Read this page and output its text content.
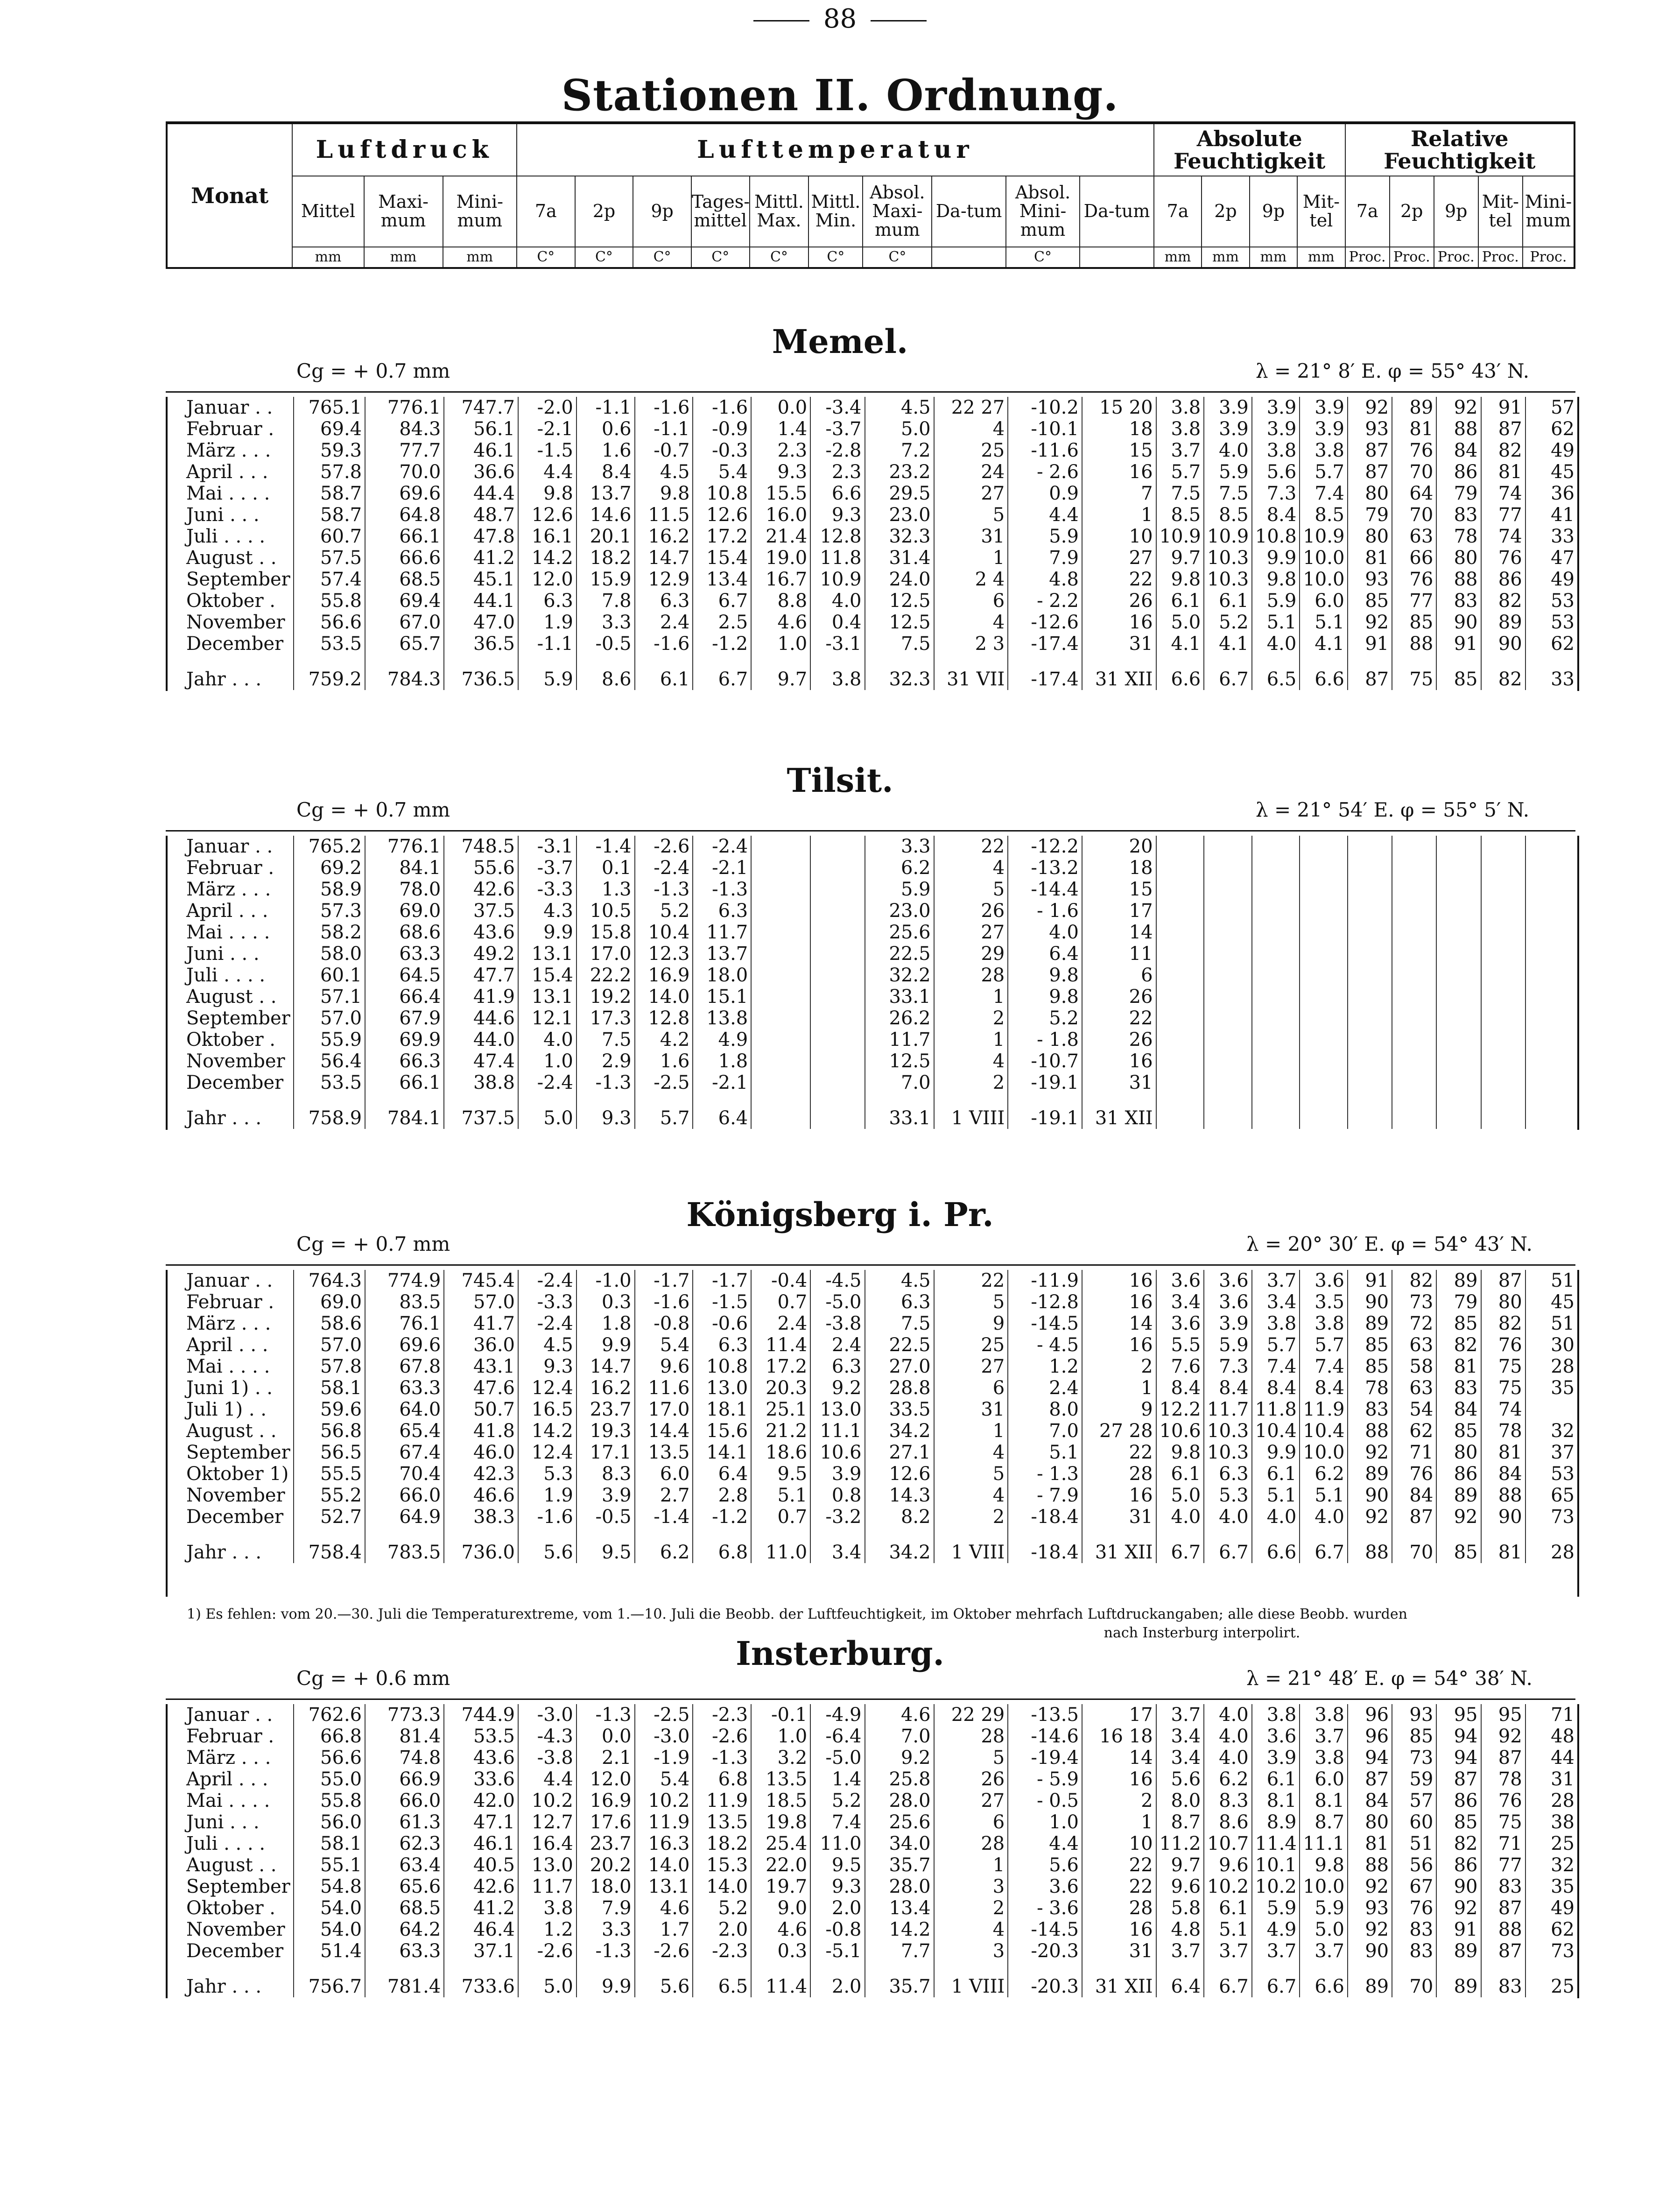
88
Stationen II. Ordnung.
Monat	Luftdruck			Lufttemperatur										Absolute Feuchtigkeit				Relative Feuchtigkeit				
	Mittel	Maxi-mum	Mini-mum	7a	2p	9p	Tages-mittel	Mittl. Max.	Mittl. Min.	Absol. Maxi-mum	Da-tum	Absol. Mini-mum	Da-tum	7a	2p	9p	Mit-tel	7a	2p	9p	Mit-tel	Mini-mum
	mm	mm	mm	C°	C°	C°	C°	C°	C°	C°		C°		mm	mm	mm	mm	Proc.	Proc.	Proc.	Proc.	Proc.
Memel.
Cg = + 0.7 mm	λ = 21° 8′ E. φ = 55° 43′ N.
Januar . .	765.1	776.1	747.7	-2.0	-1.1	-1.6	-1.6	0.0	-3.4	4.5	22 27	-10.2	15 20	3.8	3.9	3.9	3.9	92	89	92	91	57
Februar .	69.4	84.3	56.1	-2.1	0.6	-1.1	-0.9	1.4	-3.7	5.0	4	-10.1	18	3.8	3.9	3.9	3.9	93	81	88	87	62
März . . .	59.3	77.7	46.1	-1.5	1.6	-0.7	-0.3	2.3	-2.8	7.2	25	-11.6	15	3.7	4.0	3.8	3.8	87	76	84	82	49
April . . .	57.8	70.0	36.6	4.4	8.4	4.5	5.4	9.3	2.3	23.2	24	- 2.6	16	5.7	5.9	5.6	5.7	87	70	86	81	45
Mai . . . .	58.7	69.6	44.4	9.8	13.7	9.8	10.8	15.5	6.6	29.5	27	0.9	7	7.5	7.5	7.3	7.4	80	64	79	74	36
Juni . . .	58.7	64.8	48.7	12.6	14.6	11.5	12.6	16.0	9.3	23.0	5	4.4	1	8.5	8.5	8.4	8.5	79	70	83	77	41
Juli . . . .	60.7	66.1	47.8	16.1	20.1	16.2	17.2	21.4	12.8	32.3	31	5.9	10	10.9	10.9	10.8	10.9	80	63	78	74	33
August . .	57.5	66.6	41.2	14.2	18.2	14.7	15.4	19.0	11.8	31.4	1	7.9	27	9.7	10.3	9.9	10.0	81	66	80	76	47
September	57.4	68.5	45.1	12.0	15.9	12.9	13.4	16.7	10.9	24.0	2 4	4.8	22	9.8	10.3	9.8	10.0	93	76	88	86	49
Oktober .	55.8	69.4	44.1	6.3	7.8	6.3	6.7	8.8	4.0	12.5	6	- 2.2	26	6.1	6.1	5.9	6.0	85	77	83	82	53
November	56.6	67.0	47.0	1.9	3.3	2.4	2.5	4.6	0.4	12.5	4	-12.6	16	5.0	5.2	5.1	5.1	92	85	90	89	53
December	53.5	65.7	36.5	-1.1	-0.5	-1.6	-1.2	1.0	-3.1	7.5	2 3	-17.4	31	4.1	4.1	4.0	4.1	91	88	91	90	62
Jahr . . .	759.2	784.3	736.5	5.9	8.6	6.1	6.7	9.7	3.8	32.3	31 VII	-17.4	31 XII	6.6	6.7	6.5	6.6	87	75	85	82	33
Tilsit.
Cg = + 0.7 mm	λ = 21° 54′ E. φ = 55° 5′ N.
Januar . .	765.2	776.1	748.5	-3.1	-1.4	-2.6	-2.4			3.3	22	-12.2	20									
Februar .	69.2	84.1	55.6	-3.7	0.1	-2.4	-2.1			6.2	4	-13.2	18									
März . . .	58.9	78.0	42.6	-3.3	1.3	-1.3	-1.3			5.9	5	-14.4	15									
April . . .	57.3	69.0	37.5	4.3	10.5	5.2	6.3			23.0	26	- 1.6	17									
Mai . . . .	58.2	68.6	43.6	9.9	15.8	10.4	11.7			25.6	27	4.0	14									
Juni . . .	58.0	63.3	49.2	13.1	17.0	12.3	13.7			22.5	29	6.4	11									
Juli . . . .	60.1	64.5	47.7	15.4	22.2	16.9	18.0			32.2	28	9.8	6									
August . .	57.1	66.4	41.9	13.1	19.2	14.0	15.1			33.1	1	9.8	26									
September	57.0	67.9	44.6	12.1	17.3	12.8	13.8			26.2	2	5.2	22									
Oktober .	55.9	69.9	44.0	4.0	7.5	4.2	4.9			11.7	1	- 1.8	26									
November	56.4	66.3	47.4	1.0	2.9	1.6	1.8			12.5	4	-10.7	16									
December	53.5	66.1	38.8	-2.4	-1.3	-2.5	-2.1			7.0	2	-19.1	31									
Jahr . . .	758.9	784.1	737.5	5.0	9.3	5.7	6.4			33.1	1 VIII	-19.1	31 XII									
Königsberg i. Pr.
Cg = + 0.7 mm	λ = 20° 30′ E. φ = 54° 43′ N.
Januar . .	764.3	774.9	745.4	-2.4	-1.0	-1.7	-1.7	-0.4	-4.5	4.5	22	-11.9	16	3.6	3.6	3.7	3.6	91	82	89	87	51
Februar .	69.0	83.5	57.0	-3.3	0.3	-1.6	-1.5	0.7	-5.0	6.3	5	-12.8	16	3.4	3.6	3.4	3.5	90	73	79	80	45
März . . .	58.6	76.1	41.7	-2.4	1.8	-0.8	-0.6	2.4	-3.8	7.5	9	-14.5	14	3.6	3.9	3.8	3.8	89	72	85	82	51
April . . .	57.0	69.6	36.0	4.5	9.9	5.4	6.3	11.4	2.4	22.5	25	- 4.5	16	5.5	5.9	5.7	5.7	85	63	82	76	30
Mai . . . .	57.8	67.8	43.1	9.3	14.7	9.6	10.8	17.2	6.3	27.0	27	1.2	2	7.6	7.3	7.4	7.4	85	58	81	75	28
Juni 1) . .	58.1	63.3	47.6	12.4	16.2	11.6	13.0	20.3	9.2	28.8	6	2.4	1	8.4	8.4	8.4	8.4	78	63	83	75	35
Juli 1) . .	59.6	64.0	50.7	16.5	23.7	17.0	18.1	25.1	13.0	33.5	31	8.0	9	12.2	11.7	11.8	11.9	83	54	84	74	
August . .	56.8	65.4	41.8	14.2	19.3	14.4	15.6	21.2	11.1	34.2	1	7.0	27 28	10.6	10.3	10.4	10.4	88	62	85	78	32
September	56.5	67.4	46.0	12.4	17.1	13.5	14.1	18.6	10.6	27.1	4	5.1	22	9.8	10.3	9.9	10.0	92	71	80	81	37
Oktober 1)	55.5	70.4	42.3	5.3	8.3	6.0	6.4	9.5	3.9	12.6	5	- 1.3	28	6.1	6.3	6.1	6.2	89	76	86	84	53
November	55.2	66.0	46.6	1.9	3.9	2.7	2.8	5.1	0.8	14.3	4	- 7.9	16	5.0	5.3	5.1	5.1	90	84	89	88	65
December	52.7	64.9	38.3	-1.6	-0.5	-1.4	-1.2	0.7	-3.2	8.2	2	-18.4	31	4.0	4.0	4.0	4.0	92	87	92	90	73
Jahr . . .	758.4	783.5	736.0	5.6	9.5	6.2	6.8	11.0	3.4	34.2	1 VIII	-18.4	31 XII	6.7	6.7	6.6	6.7	88	70	85	81	28
1) Es fehlen: vom 20.—30. Juli die Temperaturextreme, vom 1.—10. Juli die Beobb. der Luftfeuchtigkeit, im Oktober mehrfach Luftdruckangaben; alle diese Beobb. wurden
nach Insterburg interpolirt.
Insterburg.
Cg = + 0.6 mm	λ = 21° 48′ E. φ = 54° 38′ N.
Januar . .	762.6	773.3	744.9	-3.0	-1.3	-2.5	-2.3	-0.1	-4.9	4.6	22 29	-13.5	17	3.7	4.0	3.8	3.8	96	93	95	95	71
Februar .	66.8	81.4	53.5	-4.3	0.0	-3.0	-2.6	1.0	-6.4	7.0	28	-14.6	16 18	3.4	4.0	3.6	3.7	96	85	94	92	48
März . . .	56.6	74.8	43.6	-3.8	2.1	-1.9	-1.3	3.2	-5.0	9.2	5	-19.4	14	3.4	4.0	3.9	3.8	94	73	94	87	44
April . . .	55.0	66.9	33.6	4.4	12.0	5.4	6.8	13.5	1.4	25.8	26	- 5.9	16	5.6	6.2	6.1	6.0	87	59	87	78	31
Mai . . . .	55.8	66.0	42.0	10.2	16.9	10.2	11.9	18.5	5.2	28.0	27	- 0.5	2	8.0	8.3	8.1	8.1	84	57	86	76	28
Juni . . .	56.0	61.3	47.1	12.7	17.6	11.9	13.5	19.8	7.4	25.6	6	1.0	1	8.7	8.6	8.9	8.7	80	60	85	75	38
Juli . . . .	58.1	62.3	46.1	16.4	23.7	16.3	18.2	25.4	11.0	34.0	28	4.4	10	11.2	10.7	11.4	11.1	81	51	82	71	25
August . .	55.1	63.4	40.5	13.0	20.2	14.0	15.3	22.0	9.5	35.7	1	5.6	22	9.7	9.6	10.1	9.8	88	56	86	77	32
September	54.8	65.6	42.6	11.7	18.0	13.1	14.0	19.7	9.3	28.0	3	3.6	22	9.6	10.2	10.2	10.0	92	67	90	83	35
Oktober .	54.0	68.5	41.2	3.8	7.9	4.6	5.2	9.0	2.0	13.4	2	- 3.6	28	5.8	6.1	5.9	5.9	93	76	92	87	49
November	54.0	64.2	46.4	1.2	3.3	1.7	2.0	4.6	-0.8	14.2	4	-14.5	16	4.8	5.1	4.9	5.0	92	83	91	88	62
December	51.4	63.3	37.1	-2.6	-1.3	-2.6	-2.3	0.3	-5.1	7.7	3	-20.3	31	3.7	3.7	3.7	3.7	90	83	89	87	73
Jahr . . .	756.7	781.4	733.6	5.0	9.9	5.6	6.5	11.4	2.0	35.7	1 VIII	-20.3	31 XII	6.4	6.7	6.7	6.6	89	70	89	83	25
